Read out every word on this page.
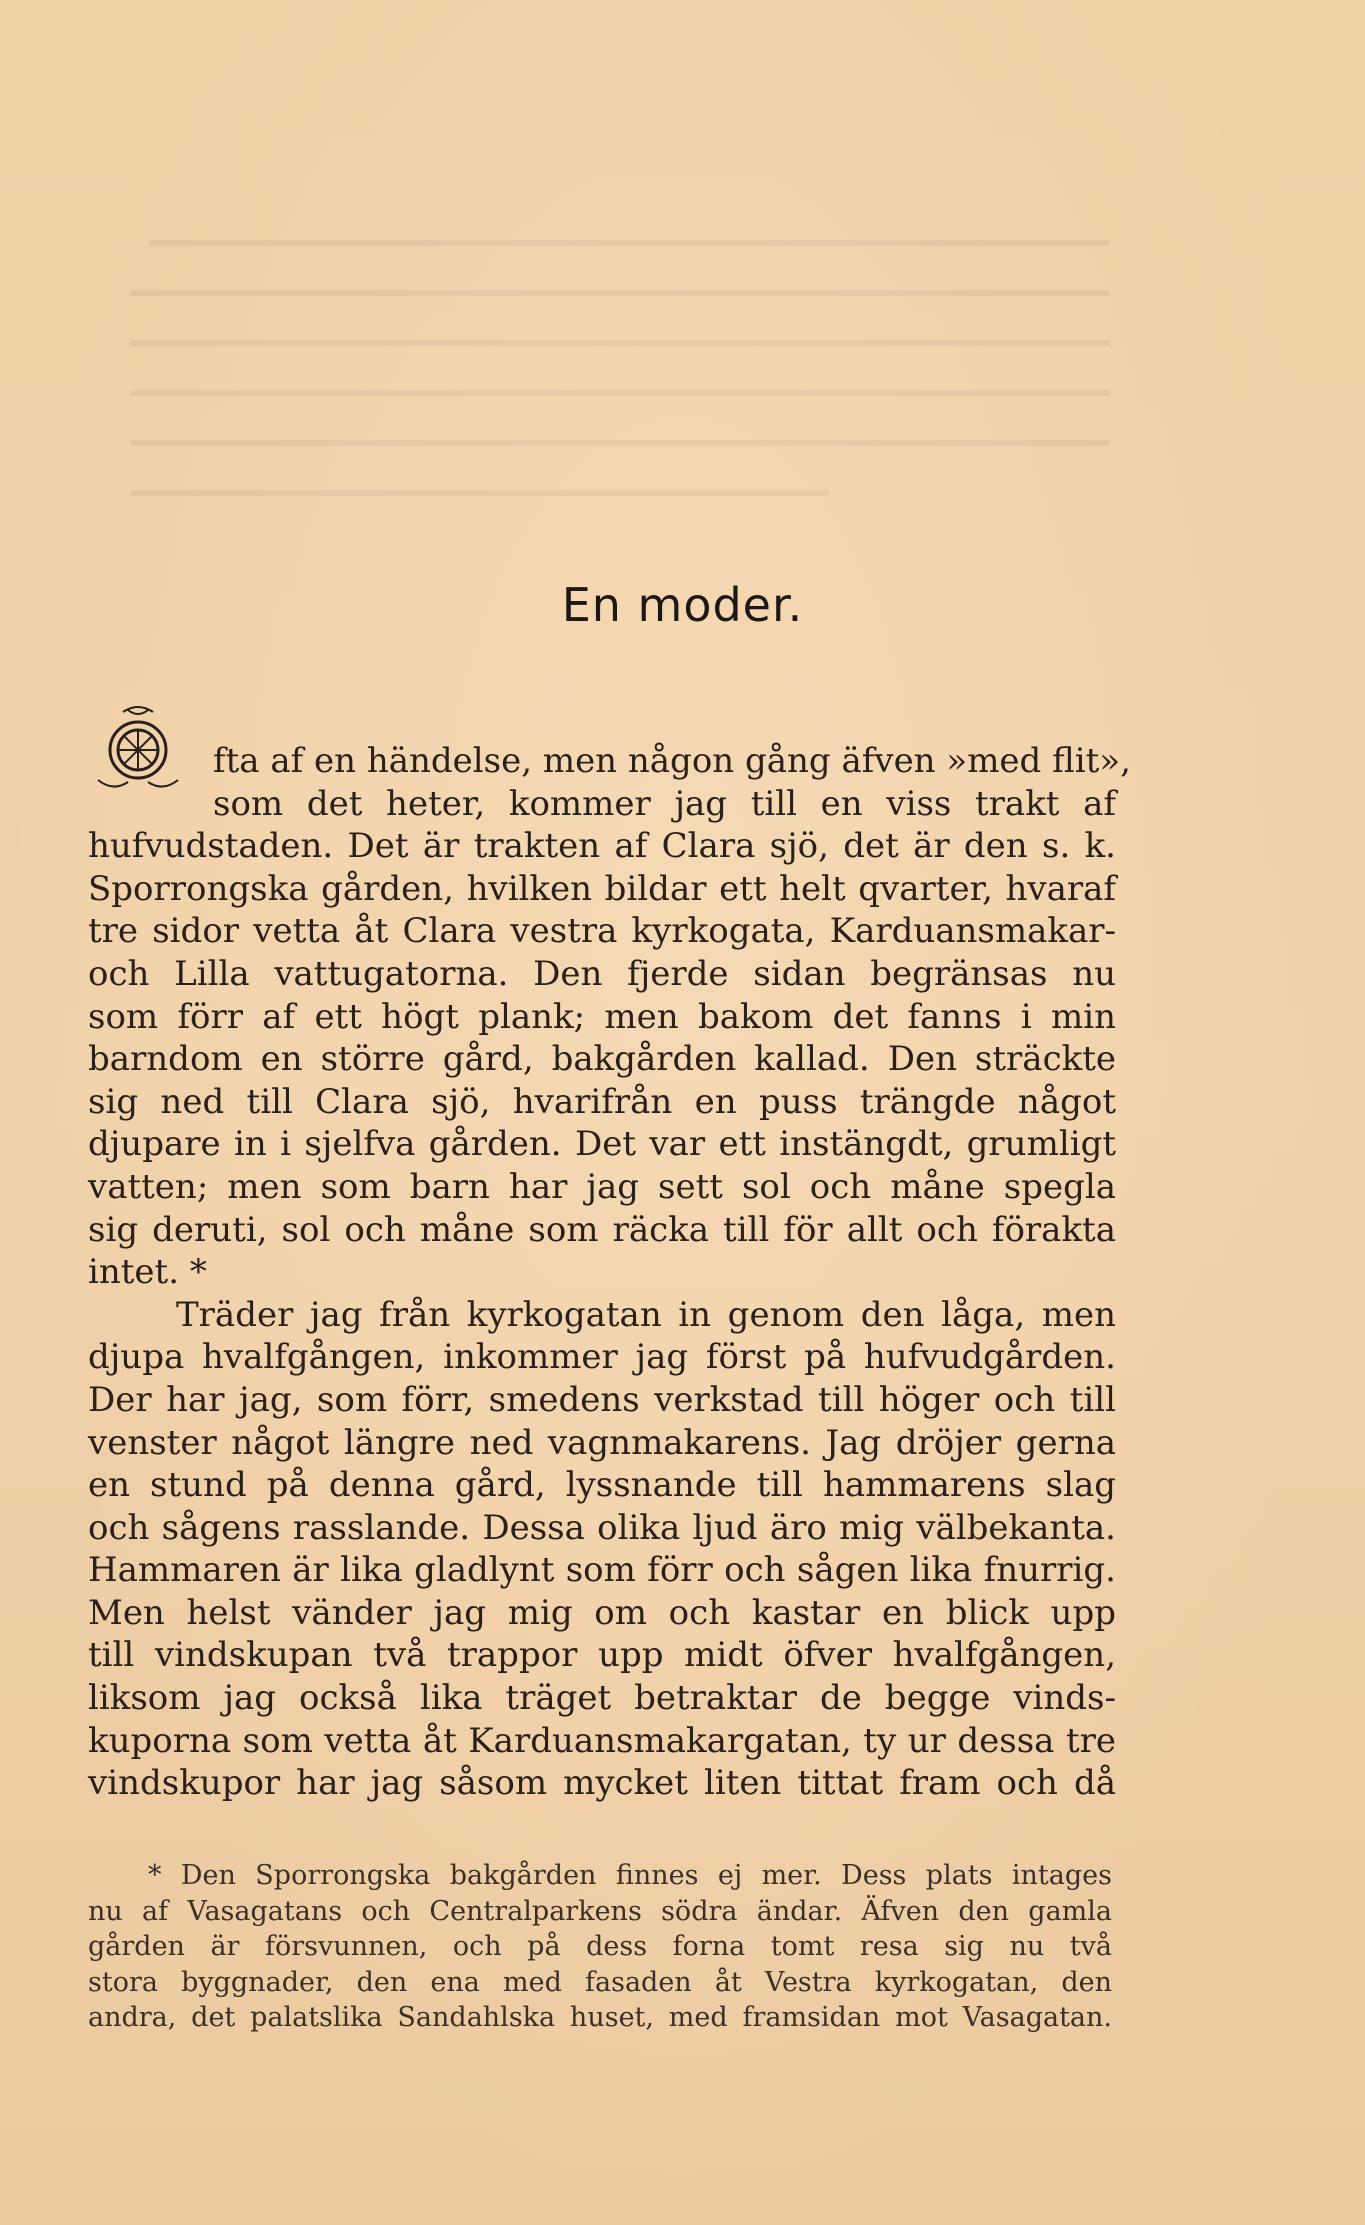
En moder.
fta af en händelse, men någon gång äfven »med flit»,
som det heter, kommer jag till en viss trakt af
hufvudstaden. Det är trakten af Clara sjö, det är den s. k.
Sporrongska gården, hvilken bildar ett helt qvarter, hvaraf
tre sidor vetta åt Clara vestra kyrkogata, Karduansmakar-
och Lilla vattugatorna. Den fjerde sidan begränsas nu
som förr af ett högt plank; men bakom det fanns i min
barndom en större gård, bakgården kallad. Den sträckte
sig ned till Clara sjö, hvarifrån en puss trängde något
djupare in i sjelfva gården. Det var ett instängdt, grumligt
vatten; men som barn har jag sett sol och måne spegla
sig deruti, sol och måne som räcka till för allt och förakta
intet. *
Träder jag från kyrkogatan in genom den låga, men
djupa hvalfgången, inkommer jag först på hufvudgården.
Der har jag, som förr, smedens verkstad till höger och till
venster något längre ned vagnmakarens. Jag dröjer gerna
en stund på denna gård, lyssnande till hammarens slag
och sågens rasslande. Dessa olika ljud äro mig välbekanta.
Hammaren är lika gladlynt som förr och sågen lika fnurrig.
Men helst vänder jag mig om och kastar en blick upp
till vindskupan två trappor upp midt öfver hvalfgången,
liksom jag också lika träget betraktar de begge vinds-
kuporna som vetta åt Karduansmakargatan, ty ur dessa tre
vindskupor har jag såsom mycket liten tittat fram och då
* Den Sporrongska bakgården finnes ej mer. Dess plats intages
nu af Vasagatans och Centralparkens södra ändar. Äfven den gamla
gården är försvunnen, och på dess forna tomt resa sig nu två
stora byggnader, den ena med fasaden åt Vestra kyrkogatan, den
andra, det palatslika Sandahlska huset, med framsidan mot Vasagatan.
